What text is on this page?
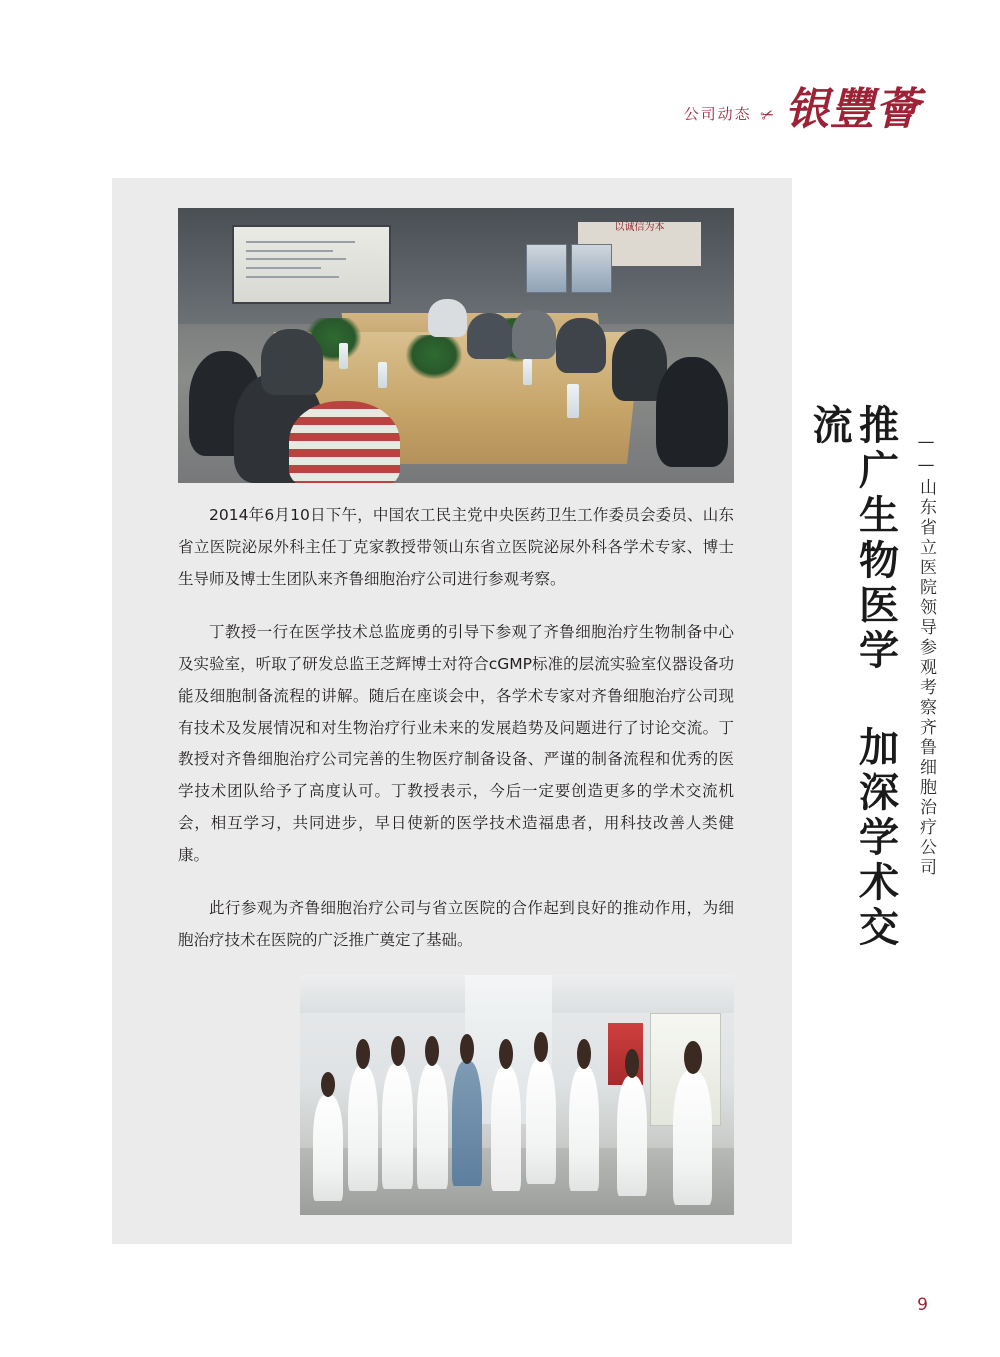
公司动态 ✂ 银豐薈
以诚信为本

2014年6月10日下午，中国农工民主党中央医药卫生工作委员会委员、山东省立医院泌尿外科主任丁克家教授带领山东省立医院泌尿外科各学术专家、博士生导师及博士生团队来齐鲁细胞治疗公司进行参观考察。

丁教授一行在医学技术总监庞勇的引导下参观了齐鲁细胞治疗生物制备中心及实验室，听取了研发总监王芝辉博士对符合cGMP标准的层流实验室仪器设备功能及细胞制备流程的讲解。随后在座谈会中，各学术专家对齐鲁细胞治疗公司现有技术及发展情况和对生物治疗行业未来的发展趋势及问题进行了讨论交流。丁教授对齐鲁细胞治疗公司完善的生物医疗制备设备、严谨的制备流程和优秀的医学技术团队给予了高度认可。丁教授表示，今后一定要创造更多的学术交流机会，相互学习，共同进步，早日使新的医学技术造福患者，用科技改善人类健康。

此行参观为齐鲁细胞治疗公司与省立医院的合作起到良好的推动作用，为细胞治疗技术在医院的广泛推广奠定了基础。	推广生物医学 加深学术交流
——山东省立医院领导参观考察齐鲁细胞治疗公司
9
